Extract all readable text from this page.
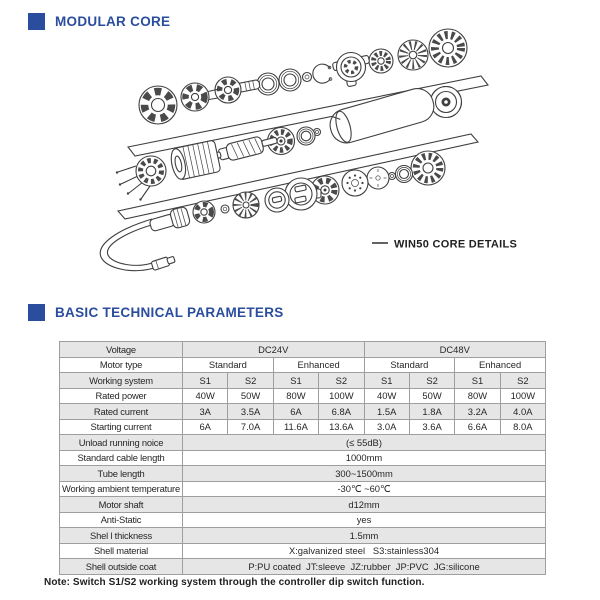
MODULAR CORE
WIN50 CORE DETAILS
BASIC TECHNICAL PARAMETERS
Voltage	DC24V				DC48V			
Motor type	Standard		Enhanced		Standard		Enhanced	
Working system	S1	S2	S1	S2	S1	S2	S1	S2
Rated power	40W	50W	80W	100W	40W	50W	80W	100W
Rated current	3A	3.5A	6A	6.8A	1.5A	1.8A	3.2A	4.0A
Starting current	6A	7.0A	11.6A	13.6A	3.0A	3.6A	6.6A	8.0A
Unload running noice	(≤ 55dB)							
Standard cable length	1000mm							
Tube length	300~1500mm							
Working ambient temperature	-30℃ ~60℃							
Motor shaft	d12mm							
Anti-Static	yes							
Shel l thickness	1.5mm							
Shell material	X:galvanized steel   S3:stainless304							
Shell outside coat	P:PU coated  JT:sleeve  JZ:rubber  JP:PVC  JG:silicone							
Note: Switch S1/S2 working system through the controller dip switch function.
